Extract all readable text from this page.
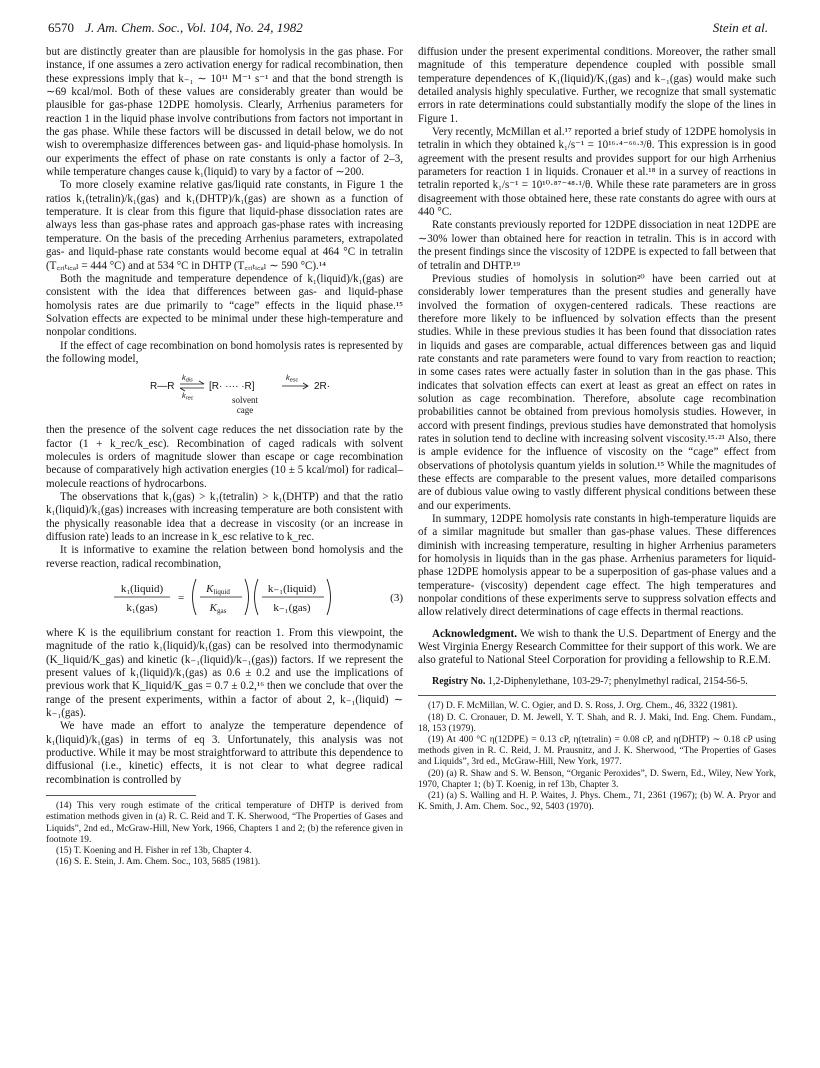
6570 J. Am. Chem. Soc., Vol. 104, No. 24, 1982	Stein et al.

but are distinctly greater than are plausible for homolysis in the gas phase. For instance, if one assumes a zero activation energy for radical recombination, then these expressions imply that k₋₁ ∼ 10¹¹ M⁻¹ s⁻¹ and that the bond strength is ∼69 kcal/mol. Both of these values are considerably greater than would be plausible for gas-phase 12DPE homolysis. Clearly, Arrhenius parameters for reaction 1 in the liquid phase involve contributions from factors not important in the gas phase. While these factors will be discussed in detail below, we do not wish to overemphasize differences between gas- and liquid-phase homolysis. In our experiments the effect of phase on rate constants is only a factor of 2–3, while temperature changes cause k₁(liquid) to vary by a factor of ∼200.

To more closely examine relative gas/liquid rate constants, in Figure 1 the ratios k₁(tetralin)/k₁(gas) and k₁(DHTP)/k₁(gas) are shown as a function of temperature. It is clear from this figure that liquid-phase dissociation rates are always less than gas-phase rates and approach gas-phase rates with increasing temperature. On the basis of the preceding Arrhenius parameters, extrapolated gas- and liquid-phase rate constants would become equal at 464 °C in tetralin (T꜀ᵣᵢₜᵢ꜀ₐₗ = 444 °C) and at 534 °C in DHTP (T꜀ᵣᵢₜᵢ꜀ₐₗ ∼ 590 °C).¹⁴

Both the magnitude and temperature dependence of k₁(liquid)/k₁(gas) are consistent with the idea that differences between gas- and liquid-phase homolysis rates are due primarily to “cage” effects in the liquid phase.¹⁵ Solvation effects are expected to be minimal under these high-temperature and nonpolar conditions.

If the effect of cage recombination on bond homolysis rates is represented by the following model,

R—R
$k_{dis}$
$k_{rec}$
[R· ···· ·R]
$k_{esc}$
2R·
solvent
cage

then the presence of the solvent cage reduces the net dissociation rate by the factor (1 + k_rec/k_esc). Recombination of caged radicals with solvent molecules is orders of magnitude slower than escape or cage recombination because of comparatively high activation energies (10 ± 5 kcal/mol) for radical–molecule reactions of hydrocarbons.

The observations that k₁(gas) > k₁(tetralin) > k₁(DHTP) and that the ratio k₁(liquid)/k₁(gas) increases with increasing temperature are both consistent with the physically reasonable idea that a decrease in viscosity (or an increase in diffusion rate) leads to an increase in k_esc relative to k_rec.

It is informative to examine the relation between bond homolysis and the reverse reaction, radical recombination,

k₁(liquid)
k₁(gas)
=
Kliquid
Kgas
k₋₁(liquid)
k₋₁(gas)
(3)

where K is the equilibrium constant for reaction 1. From this viewpoint, the magnitude of the ratio k₁(liquid)/k₁(gas) can be resolved into thermodynamic (K_liquid/K_gas) and kinetic (k₋₁(liquid)/k₋₁(gas)) factors. If we represent the present values of k₁(liquid)/k₁(gas) as 0.6 ± 0.2 and use the implications of previous work that K_liquid/K_gas = 0.7 ± 0.2,¹⁶ then we conclude that over the range of the present experiments, within a factor of about 2, k₋₁(liquid) ∼ k₋₁(gas).

We have made an effort to analyze the temperature dependence of k₁(liquid)/k₁(gas) in terms of eq 3. Unfortunately, this analysis was not productive. While it may be most straightforward to attribute this dependence to diffusional (i.e., kinetic) effects, it is not clear to what degree radical recombination is controlled by

(14) This very rough estimate of the critical temperature of DHTP is derived from estimation methods given in (a) R. C. Reid and T. K. Sherwood, “The Properties of Gases and Liquids”, 2nd ed., McGraw-Hill, New York, 1966, Chapters 1 and 2; (b) the reference given in footnote 19.

(15) T. Koening and H. Fisher in ref 13b, Chapter 4.

(16) S. E. Stein, J. Am. Chem. Soc., 103, 5685 (1981).

diffusion under the present experimental conditions. Moreover, the rather small magnitude of this temperature dependence coupled with possible small temperature dependences of K₁(liquid)/K₁(gas) and k₋₁(gas) would make such detailed analysis highly speculative. Further, we recognize that small systematic errors in rate determinations could substantially modify the slope of the lines in Figure 1.

Very recently, McMillan et al.¹⁷ reported a brief study of 12DPE homolysis in tetralin in which they obtained k₁/s⁻¹ = 10¹⁶·⁴⁻⁶⁶·³/θ. This expression is in good agreement with the present results and provides support for our high Arrhenius parameters for reaction 1 in liquids. Cronauer et al.¹⁸ in a survey of reactions in tetralin reported k₁/s⁻¹ = 10¹⁰·⁸⁷⁻⁴⁸·¹/θ. While these rate parameters are in gross disagreement with those obtained here, these rate constants do agree with ours at 440 °C.

Rate constants previously reported for 12DPE dissociation in neat 12DPE are ∼30% lower than obtained here for reaction in tetralin. This is in accord with the present findings since the viscosity of 12DPE is expected to fall between that of tetralin and DHTP.¹⁹

Previous studies of homolysis in solution²⁰ have been carried out at considerably lower temperatures than the present studies and generally have involved the formation of oxygen-centered radicals. These reactions are therefore more likely to be influenced by solvation effects than the present studies. While in these previous studies it has been found that dissociation rates in liquids and gases are comparable, actual differences between gas and liquid rate constants and rate parameters were found to vary from reaction to reaction; in some cases rates were actually faster in solution than in the gas phase. This indicates that solvation effects can exert at least as great an effect on rates in solution as cage recombination. Therefore, absolute cage recombination probabilities cannot be obtained from previous homolysis studies. However, in accord with present findings, previous studies have demonstrated that homolysis rates in solution tend to decline with increasing solvent viscosity.¹⁵·²¹ Also, there is ample evidence for the influence of viscosity on the “cage” effect from observations of photolysis quantum yields in solution.¹⁵ While the magnitudes of these effects are comparable to the present values, more detailed comparisons are of dubious value owing to vastly different physical conditions between these and our experiments.

In summary, 12DPE homolysis rate constants in high-temperature liquids are of a similar magnitude but smaller than gas-phase values. These differences diminish with increasing temperature, resulting in higher Arrhenius parameters for homolysis in liquids than in the gas phase. Arrhenius parameters for liquid-phase 12DPE homolysis appear to be a superposition of gas-phase values and a temperature- (viscosity) dependent cage effect. The high temperatures and nonpolar conditions of these experiments serve to suppress solvation effects and allow relatively direct determinations of cage effects in thermal reactions.

Acknowledgment. We wish to thank the U.S. Department of Energy and the West Virginia Energy Research Committee for their support of this work. We are also grateful to National Steel Corporation for providing a fellowship to R.E.M.

Registry No. 1,2-Diphenylethane, 103-29-7; phenylmethyl radical, 2154-56-5.

(17) D. F. McMillan, W. C. Ogier, and D. S. Ross, J. Org. Chem., 46, 3322 (1981).

(18) D. C. Cronauer, D. M. Jewell, Y. T. Shah, and R. J. Maki, Ind. Eng. Chem. Fundam., 18, 153 (1979).

(19) At 400 °C η(12DPE) = 0.13 cP, η(tetralin) = 0.08 cP, and η(DHTP) ∼ 0.18 cP using methods given in R. C. Reid, J. M. Prausnitz, and J. K. Sherwood, “The Properties of Gases and Liquids”, 3rd ed., McGraw-Hill, New York, 1977.

(20) (a) R. Shaw and S. W. Benson, “Organic Peroxides”, D. Swern, Ed., Wiley, New York, 1970, Chapter 1; (b) T. Koenig, in ref 13b, Chapter 3.

(21) (a) S. Walling and H. P. Waites, J. Phys. Chem., 71, 2361 (1967); (b) W. A. Pryor and K. Smith, J. Am. Chem. Soc., 92, 5403 (1970).
